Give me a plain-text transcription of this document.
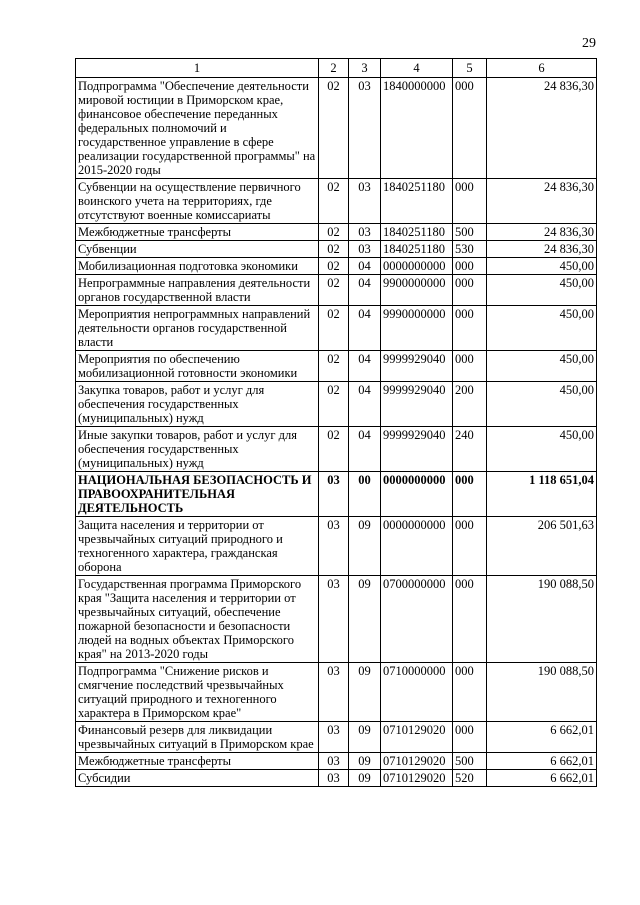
29
1	2	3	4	5	6
Подпрограмма "Обеспечение деятельности мировой юстиции в Приморском крае, финансовое обеспечение переданных федеральных полномочий и государственное управление в сфере реализации государственной программы" на 2015-2020 годы	02	03	1840000000	000	24 836,30
Субвенции на осуществление первичного воинского учета на территориях, где отсутствуют военные комиссариаты	02	03	1840251180	000	24 836,30
Межбюджетные трансферты	02	03	1840251180	500	24 836,30
Субвенции	02	03	1840251180	530	24 836,30
Мобилизационная подготовка экономики	02	04	0000000000	000	450,00
Непрограммные направления деятельности органов государственной власти	02	04	9900000000	000	450,00
Мероприятия непрограммных направлений деятельности органов государственной власти	02	04	9990000000	000	450,00
Мероприятия по обеспечению мобилизационной готовности экономики	02	04	9999929040	000	450,00
Закупка товаров, работ и услуг для обеспечения государственных (муниципальных) нужд	02	04	9999929040	200	450,00
Иные закупки товаров, работ и услуг для обеспечения государственных (муниципальных) нужд	02	04	9999929040	240	450,00
НАЦИОНАЛЬНАЯ БЕЗОПАСНОСТЬ И ПРАВООХРАНИТЕЛЬНАЯ ДЕЯТЕЛЬНОСТЬ	03	00	0000000000	000	1 118 651,04
Защита населения и территории от чрезвычайных ситуаций природного и техногенного характера, гражданская оборона	03	09	0000000000	000	206 501,63
Государственная программа Приморского края "Защита населения и территории от чрезвычайных ситуаций, обеспечение пожарной безопасности и безопасности людей на водных объектах Приморского края" на 2013-2020 годы	03	09	0700000000	000	190 088,50
Подпрограмма "Снижение рисков и смягчение последствий чрезвычайных ситуаций природного и техногенного характера в Приморском крае"	03	09	0710000000	000	190 088,50
Финансовый резерв для ликвидации чрезвычайных ситуаций в Приморском крае	03	09	0710129020	000	6 662,01
Межбюджетные трансферты	03	09	0710129020	500	6 662,01
Субсидии	03	09	0710129020	520	6 662,01
